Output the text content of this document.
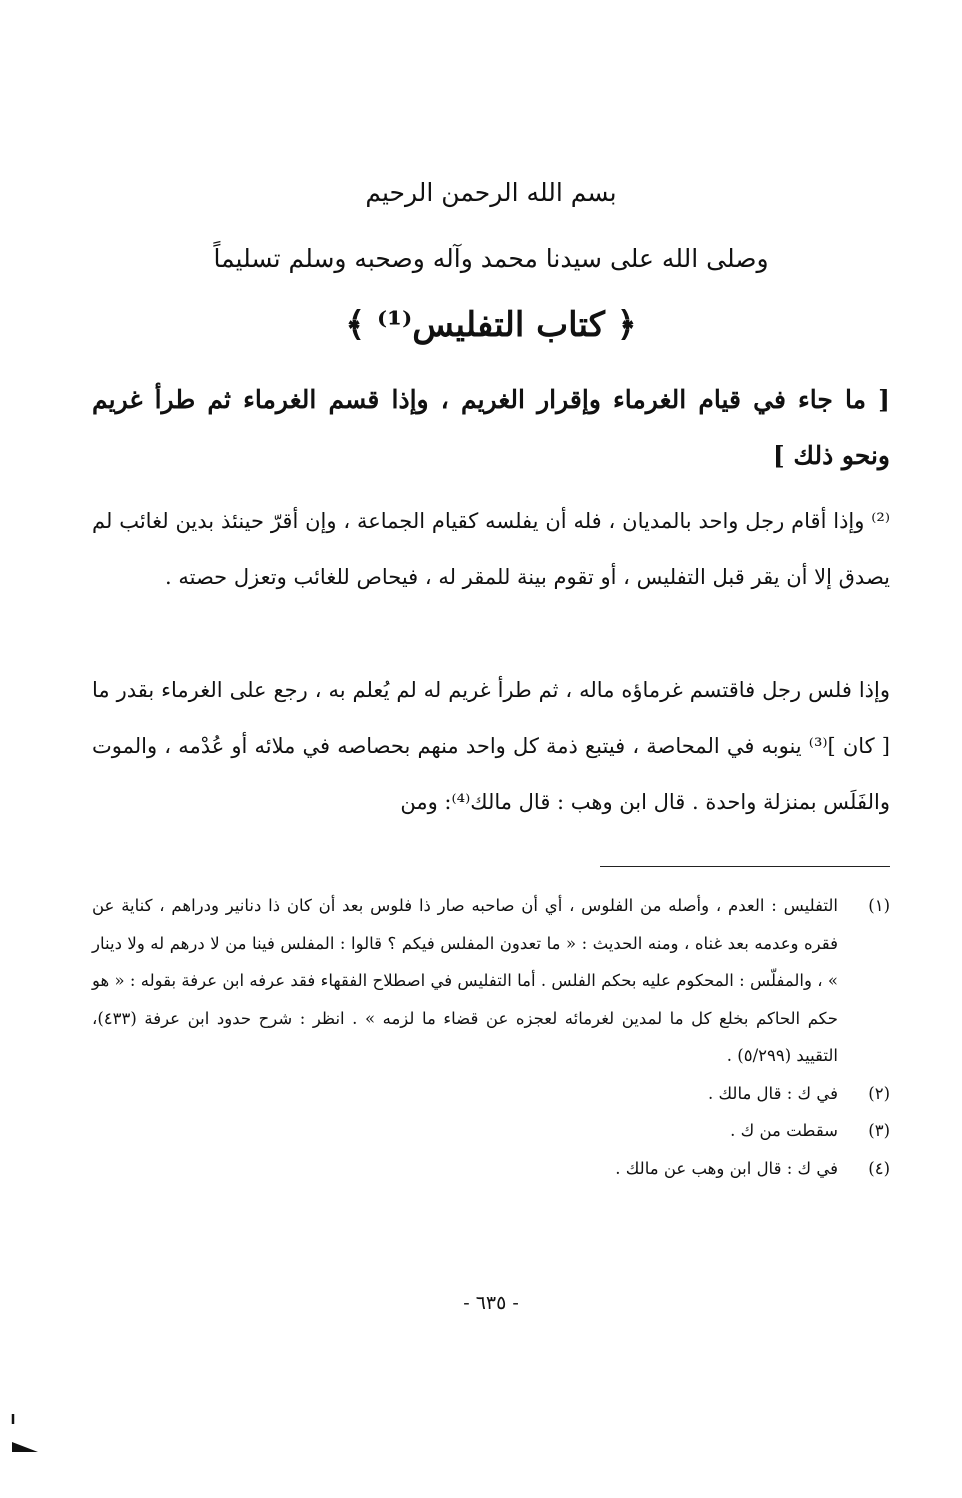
بسم الله الرحمن الرحيم
وصلى الله على سيدنا محمد وآله وصحبه وسلم تسليماً
﴿ كتاب التفليس⁽¹⁾ ﴾
[ ما جاء في قيام الغرماء وإقرار الغريم ، وإذا قسم الغرماء ثم طرأ غريم ونحو ذلك ]
⁽²⁾ وإذا أقام رجل واحد بالمديان ، فله أن يفلسه كقيام الجماعة ، وإن أقرّ حينئذ بدين لغائب لم يصدق إلا أن يقر قبل التفليس ، أو تقوم بينة للمقر له ، فيحاص للغائب وتعزل حصته .
وإذا فلس رجل فاقتسم غرماؤه ماله ، ثم طرأ غريم له لم يُعلم به ، رجع على الغرماء بقدر ما [ كان ]⁽³⁾ ينوبه في المحاصة ، فيتبع ذمة كل واحد منهم بحصاصه في ملائه أو عُدْمه ، والموت والفَلَس بمنزلة واحدة . قال ابن وهب : قال مالك⁽⁴⁾: ومن
(١)
التفليس : العدم ، وأصله من الفلوس ، أي أن صاحبه صار ذا فلوس بعد أن كان ذا دنانير ودراهم ، كناية عن فقره وعدمه بعد غناه ، ومنه الحديث : « ما تعدون المفلس فيكم ؟ قالوا : المفلس فينا من لا درهم له ولا دينار » ، والمفلّس : المحكوم عليه بحكم الفلس . أما التفليس في اصطلاح الفقهاء فقد عرفه ابن عرفة بقوله : « هو حكم الحاكم بخلع كل ما لمدين لغرمائه لعجزه عن قضاء ما لزمه » . انظر : شرح حدود ابن عرفة (٤٣٣)، التقييد (٥/٢٩٩) .
(٢)
في ك : قال مالك .
(٣)
سقطت من ك .
(٤)
في ك : قال ابن وهب عن مالك .
- ٦٣٥ -
